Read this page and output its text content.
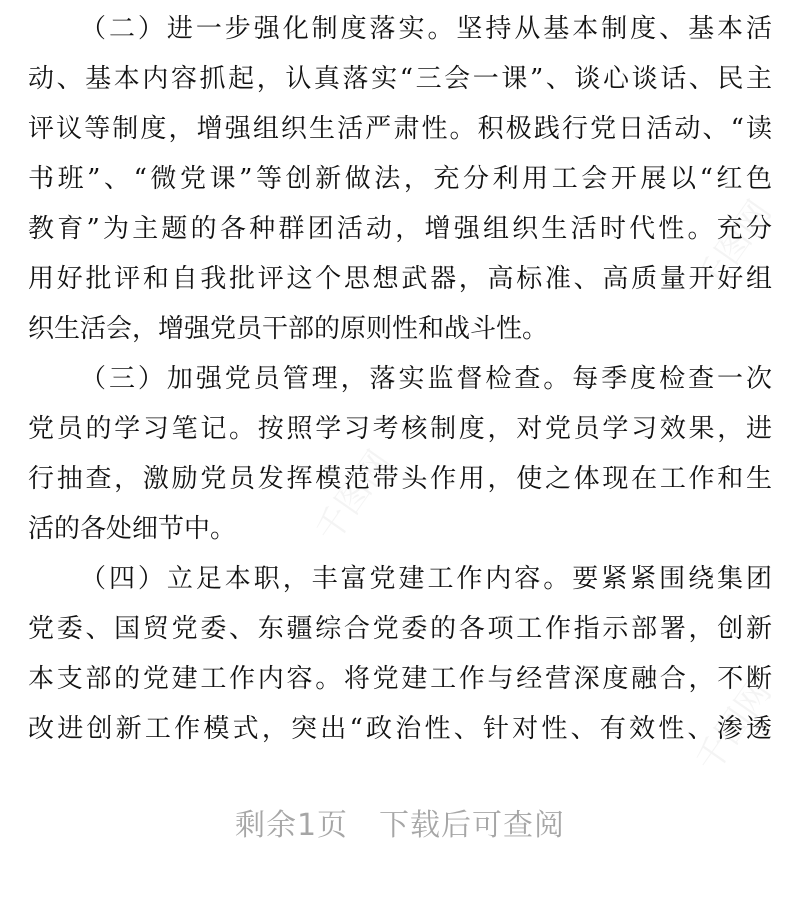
千图网
千图网
千图网
（二）进一步强化制度落实。坚持从基本制度、基本活
动、基本内容抓起，认真落实“三会一课”、谈心谈话、民主
评议等制度，增强组织生活严肃性。积极践行党日活动、“读
书班”、“微党课”等创新做法，充分利用工会开展以“红色
教育”为主题的各种群团活动，增强组织生活时代性。充分
用好批评和自我批评这个思想武器，高标准、高质量开好组
织生活会，增强党员干部的原则性和战斗性。
（三）加强党员管理，落实监督检查。每季度检查一次
党员的学习笔记。按照学习考核制度，对党员学习效果，进
行抽查，激励党员发挥模范带头作用，使之体现在工作和生
活的各处细节中。
（四）立足本职，丰富党建工作内容。要紧紧围绕集团
党委、国贸党委、东疆综合党委的各项工作指示部署，创新
本支部的党建工作内容。将党建工作与经营深度融合，不断
改进创新工作模式，突出“政治性、针对性、有效性、渗透
剩余1页　下载后可查阅
